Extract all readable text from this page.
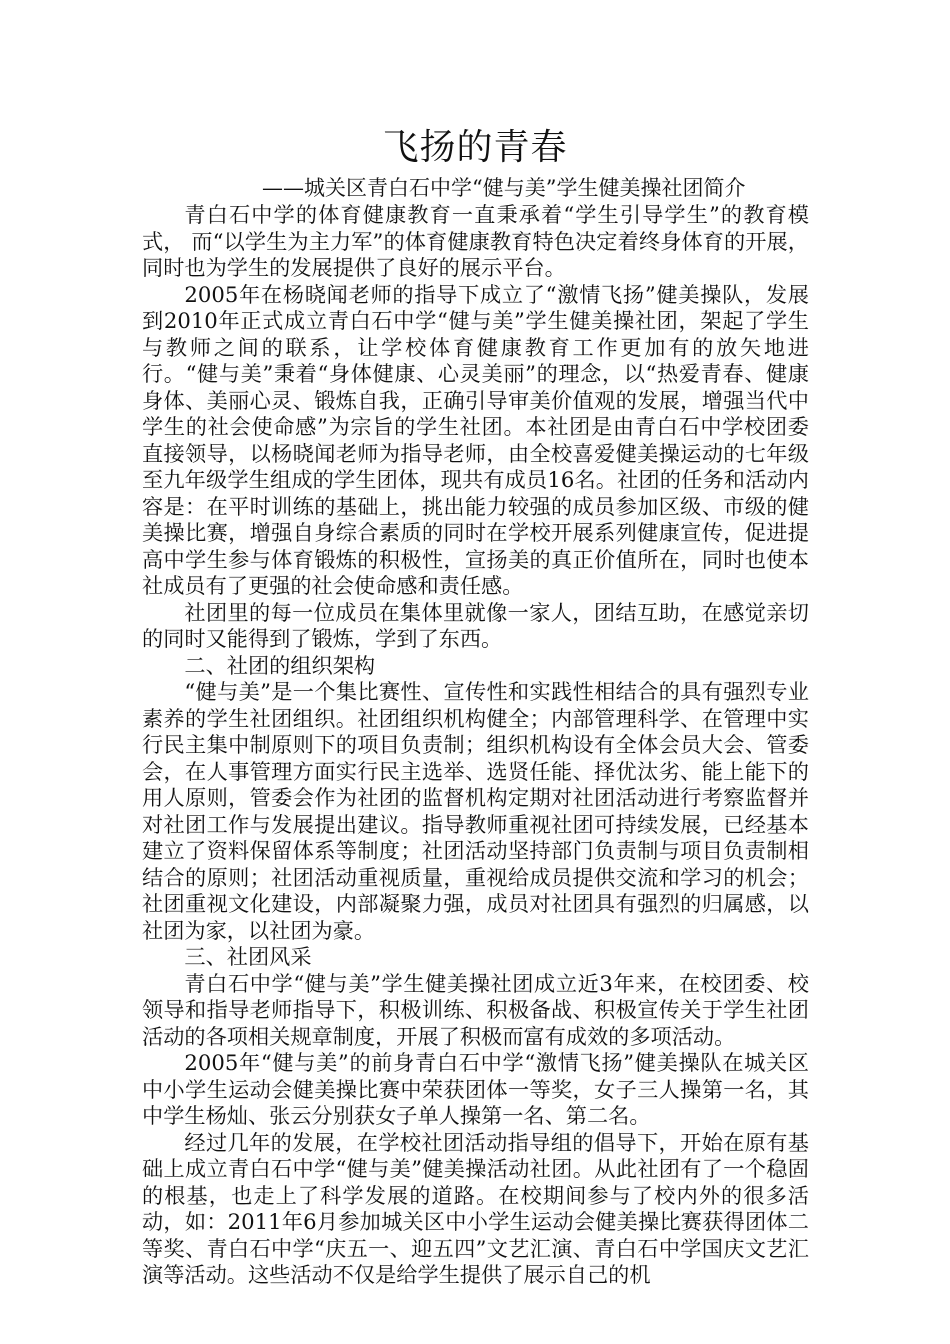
飞扬的青春
——城关区青白石中学“健与美”学生健美操社团简介

青白石中学的体育健康教育一直秉承着“学生引导学生”的教育模式， 而“以学生为主力军”的体育健康教育特色决定着终身体育的开展，同时也为学生的发展提供了良好的展示平台。

2005年在杨晓闻老师的指导下成立了“激情飞扬”健美操队，发展到2010年正式成立青白石中学“健与美”学生健美操社团，架起了学生与教师之间的联系，让学校体育健康教育工作更加有的放矢地进行。“健与美”秉着“身体健康、心灵美丽”的理念，以“热爱青春、健康身体、美丽心灵、锻炼自我，正确引导审美价值观的发展，增强当代中学生的社会使命感”为宗旨的学生社团。本社团是由青白石中学校团委直接领导，以杨晓闻老师为指导老师，由全校喜爱健美操运动的七年级至九年级学生组成的学生团体，现共有成员16名。社团的任务和活动内容是：在平时训练的基础上，挑出能力较强的成员参加区级、市级的健美操比赛，增强自身综合素质的同时在学校开展系列健康宣传，促进提高中学生参与体育锻炼的积极性，宣扬美的真正价值所在，同时也使本社成员有了更强的社会使命感和责任感。

社团里的每一位成员在集体里就像一家人，团结互助，在感觉亲切的同时又能得到了锻炼，学到了东西。

二、社团的组织架构

“健与美”是一个集比赛性、宣传性和实践性相结合的具有强烈专业素养的学生社团组织。社团组织机构健全；内部管理科学、在管理中实行民主集中制原则下的项目负责制；组织机构设有全体会员大会、管委会，在人事管理方面实行民主选举、选贤任能、择优汰劣、能上能下的用人原则，管委会作为社团的监督机构定期对社团活动进行考察监督并对社团工作与发展提出建议。指导教师重视社团可持续发展，已经基本建立了资料保留体系等制度；社团活动坚持部门负责制与项目负责制相结合的原则；社团活动重视质量，重视给成员提供交流和学习的机会；社团重视文化建设，内部凝聚力强，成员对社团具有强烈的归属感，以社团为家，以社团为豪。

三、社团风采

青白石中学“健与美”学生健美操社团成立近3年来，在校团委、校领导和指导老师指导下，积极训练、积极备战、积极宣传关于学生社团活动的各项相关规章制度，开展了积极而富有成效的多项活动。

2005年“健与美”的前身青白石中学“激情飞扬”健美操队在城关区中小学生运动会健美操比赛中荣获团体一等奖，女子三人操第一名，其中学生杨灿、张云分别获女子单人操第一名、第二名。

经过几年的发展，在学校社团活动指导组的倡导下，开始在原有基础上成立青白石中学“健与美”健美操活动社团。从此社团有了一个稳固的根基，也走上了科学发展的道路。在校期间参与了校内外的很多活动，如：2011年6月参加城关区中小学生运动会健美操比赛获得团体二等奖、青白石中学“庆五一、迎五四”文艺汇演、青白石中学国庆文艺汇演等活动。这些活动不仅是给学生提供了展示自己的机
